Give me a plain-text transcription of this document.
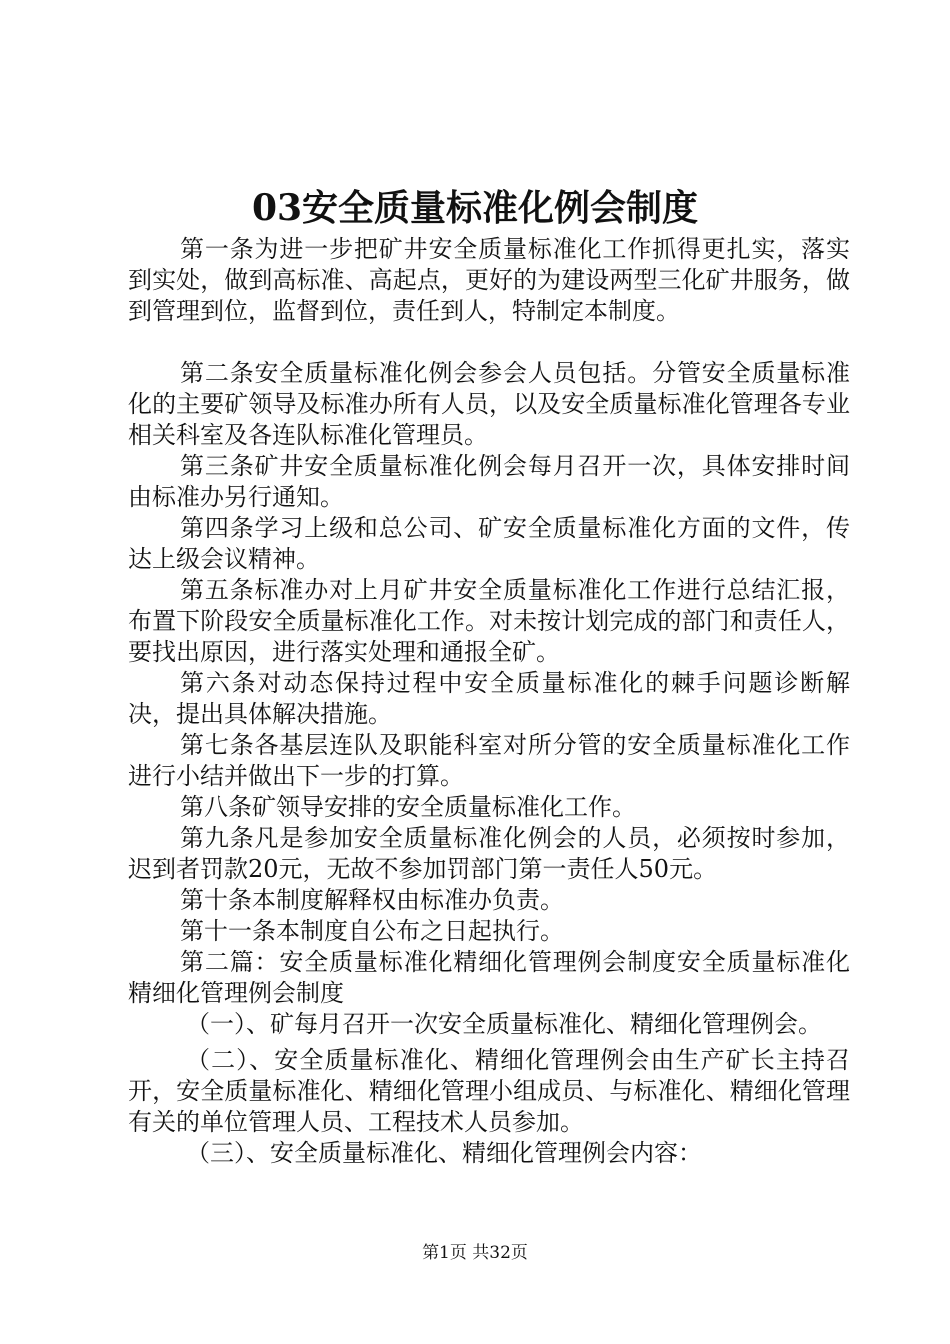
03安全质量标准化例会制度

第一条为进一步把矿井安全质量标准化工作抓得更扎实，落实到实处，做到高标准、高起点，更好的为建设两型三化矿井服务，做到管理到位，监督到位，责任到人，特制定本制度。

第二条安全质量标准化例会参会人员包括。分管安全质量标准化的主要矿领导及标准办所有人员，以及安全质量标准化管理各专业相关科室及各连队标准化管理员。

第三条矿井安全质量标准化例会每月召开一次，具体安排时间由标准办另行通知。

第四条学习上级和总公司、矿安全质量标准化方面的文件，传达上级会议精神。

第五条标准办对上月矿井安全质量标准化工作进行总结汇报，布置下阶段安全质量标准化工作。对未按计划完成的部门和责任人，要找出原因，进行落实处理和通报全矿。

第六条对动态保持过程中安全质量标准化的棘手问题诊断解决，提出具体解决措施。

第七条各基层连队及职能科室对所分管的安全质量标准化工作进行小结并做出下一步的打算。

第八条矿领导安排的安全质量标准化工作。

第九条凡是参加安全质量标准化例会的人员，必须按时参加，迟到者罚款20元，无故不参加罚部门第一责任人50元。

第十条本制度解释权由标准办负责。

第十一条本制度自公布之日起执行。

第二篇：安全质量标准化精细化管理例会制度安全质量标准化精细化管理例会制度

（一）、矿每月召开一次安全质量标准化、精细化管理例会。

（二）、安全质量标准化、精细化管理例会由生产矿长主持召开，安全质量标准化、精细化管理小组成员、与标准化、精细化管理有关的单位管理人员、工程技术人员参加。

（三）、安全质量标准化、精细化管理例会内容：

第1页 共32页
